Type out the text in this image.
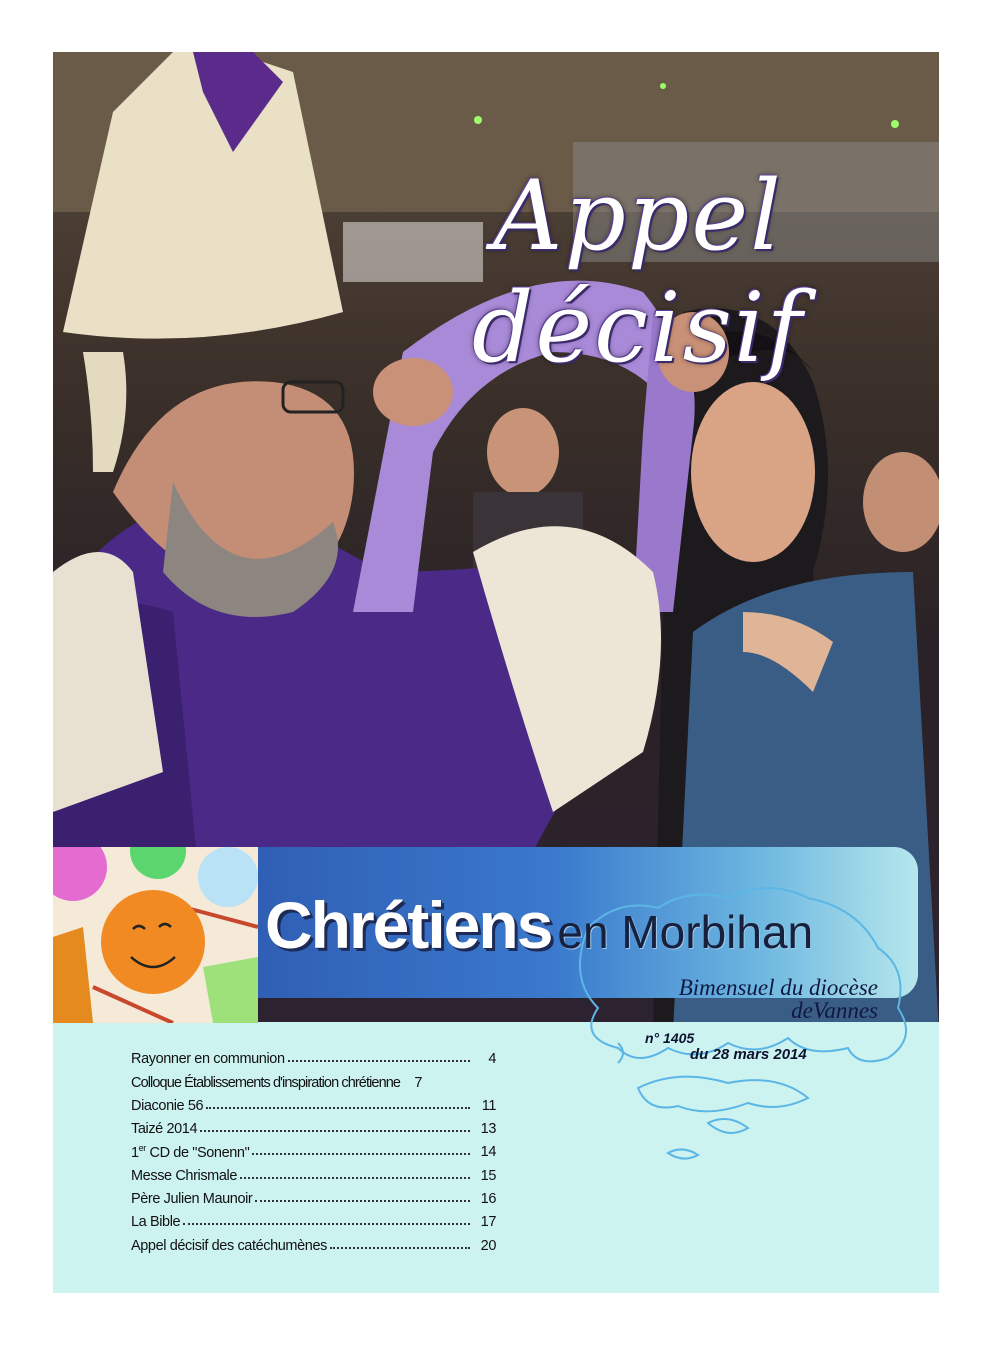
Appel décisif
Chrétiens en Morbihan
Bimensuel du diocèse
deVannes
n° 1405
du 28 mars 2014
Rayonner en communion	4
Colloque Établissements d'inspiration chrétienne 7
Diaconie 56	11
Taizé 2014	13
1er CD de "Sonenn"	14
Messe Chrismale	15
Père Julien Maunoir	16
La Bible	17
Appel décisif des catéchumènes	20
